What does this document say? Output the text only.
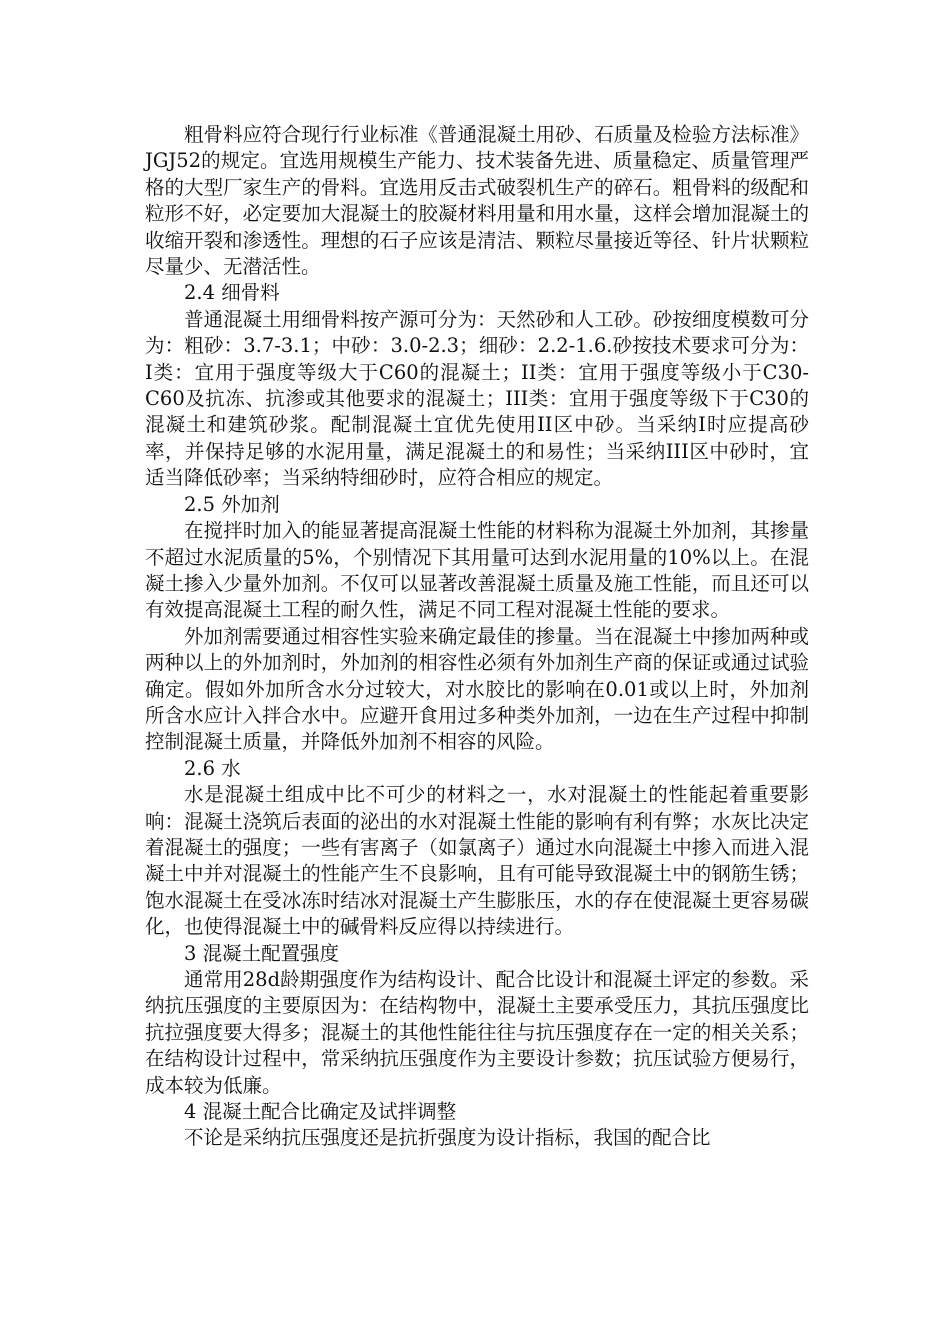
粗骨料应符合现行行业标准《普通混凝土用砂、石质量及检验方法标准》JGJ52的规定。宜选用规模生产能力、技术装备先进、质量稳定、质量管理严格的大型厂家生产的骨料。宜选用反击式破裂机生产的碎石。粗骨料的级配和粒形不好，必定要加大混凝土的胶凝材料用量和用水量，这样会增加混凝土的收缩开裂和渗透性。理想的石子应该是清洁、颗粒尽量接近等径、针片状颗粒尽量少、无潜活性。

2.4 细骨料

普通混凝土用细骨料按产源可分为：天然砂和人工砂。砂按细度模数可分为：粗砂：3.7-3.1；中砂：3.0-2.3；细砂：2.2-1.6.砂按技术要求可分为：I类：宜用于强度等级大于C60的混凝土；II类：宜用于强度等级小于C30-C60及抗冻、抗渗或其他要求的混凝土；III类：宜用于强度等级下于C30的混凝土和建筑砂浆。配制混凝土宜优先使用II区中砂。当采纳I时应提高砂率，并保持足够的水泥用量，满足混凝土的和易性；当采纳III区中砂时，宜适当降低砂率；当采纳特细砂时，应符合相应的规定。

2.5 外加剂

在搅拌时加入的能显著提高混凝土性能的材料称为混凝土外加剂，其掺量不超过水泥质量的5%，个别情况下其用量可达到水泥用量的10%以上。在混凝土掺入少量外加剂。不仅可以显著改善混凝土质量及施工性能，而且还可以有效提高混凝土工程的耐久性，满足不同工程对混凝土性能的要求。

外加剂需要通过相容性实验来确定最佳的掺量。当在混凝土中掺加两种或两种以上的外加剂时，外加剂的相容性必须有外加剂生产商的保证或通过试验确定。假如外加所含水分过较大，对水胶比的影响在0.01或以上时，外加剂所含水应计入拌合水中。应避开食用过多种类外加剂，一边在生产过程中抑制控制混凝土质量，并降低外加剂不相容的风险。

2.6 水

水是混凝土组成中比不可少的材料之一，水对混凝土的性能起着重要影响：混凝土浇筑后表面的泌出的水对混凝土性能的影响有利有弊；水灰比决定着混凝土的强度；一些有害离子（如氯离子）通过水向混凝土中掺入而进入混凝土中并对混凝土的性能产生不良影响，且有可能导致混凝土中的钢筋生锈；饱水混凝土在受冰冻时结冰对混凝土产生膨胀压，水的存在使混凝土更容易碳化，也使得混凝土中的碱骨料反应得以持续进行。

3 混凝土配置强度

通常用28d龄期强度作为结构设计、配合比设计和混凝土评定的参数。采纳抗压强度的主要原因为：在结构物中，混凝土主要承受压力，其抗压强度比抗拉强度要大得多；混凝土的其他性能往往与抗压强度存在一定的相关关系；在结构设计过程中，常采纳抗压强度作为主要设计参数；抗压试验方便易行，成本较为低廉。

4 混凝土配合比确定及试拌调整

不论是采纳抗压强度还是抗折强度为设计指标，我国的配合比
